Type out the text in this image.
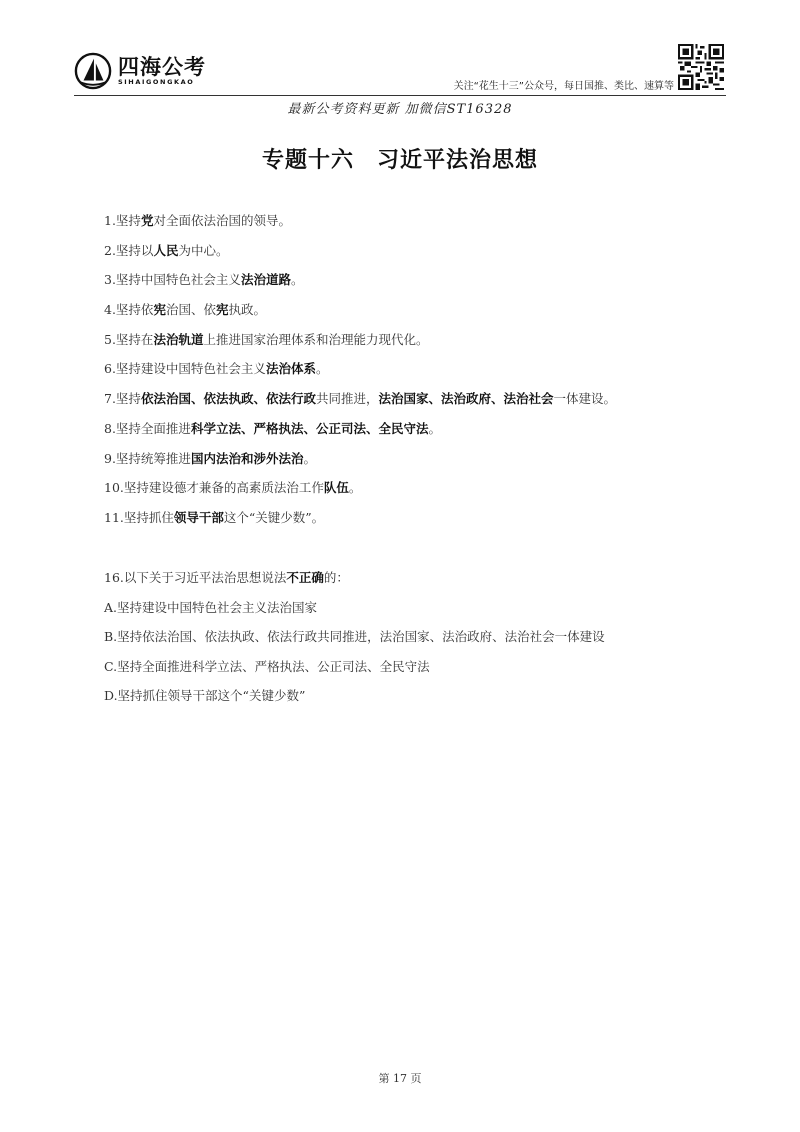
四海公考
SIHAIGONGKAO	关注“花生十三”公众号，每日国推、类比、速算等
最新公考资料更新 加微信ST16328
专题十六　习近平法治思想
1.坚持党对全面依法治国的领导。
2.坚持以人民为中心。
3.坚持中国特色社会主义法治道路。
4.坚持依宪治国、依宪执政。
5.坚持在法治轨道上推进国家治理体系和治理能力现代化。
6.坚持建设中国特色社会主义法治体系。
7.坚持依法治国、依法执政、依法行政共同推进，法治国家、法治政府、法治社会一体建设。
8.坚持全面推进科学立法、严格执法、公正司法、全民守法。
9.坚持统筹推进国内法治和涉外法治。
10.坚持建设德才兼备的高素质法治工作队伍。
11.坚持抓住领导干部这个“关键少数”。
16.以下关于习近平法治思想说法不正确的：
A.坚持建设中国特色社会主义法治国家
B.坚持依法治国、依法执政、依法行政共同推进，法治国家、法治政府、法治社会一体建设
C.坚持全面推进科学立法、严格执法、公正司法、全民守法
D.坚持抓住领导干部这个“关键少数”
第 17 页
